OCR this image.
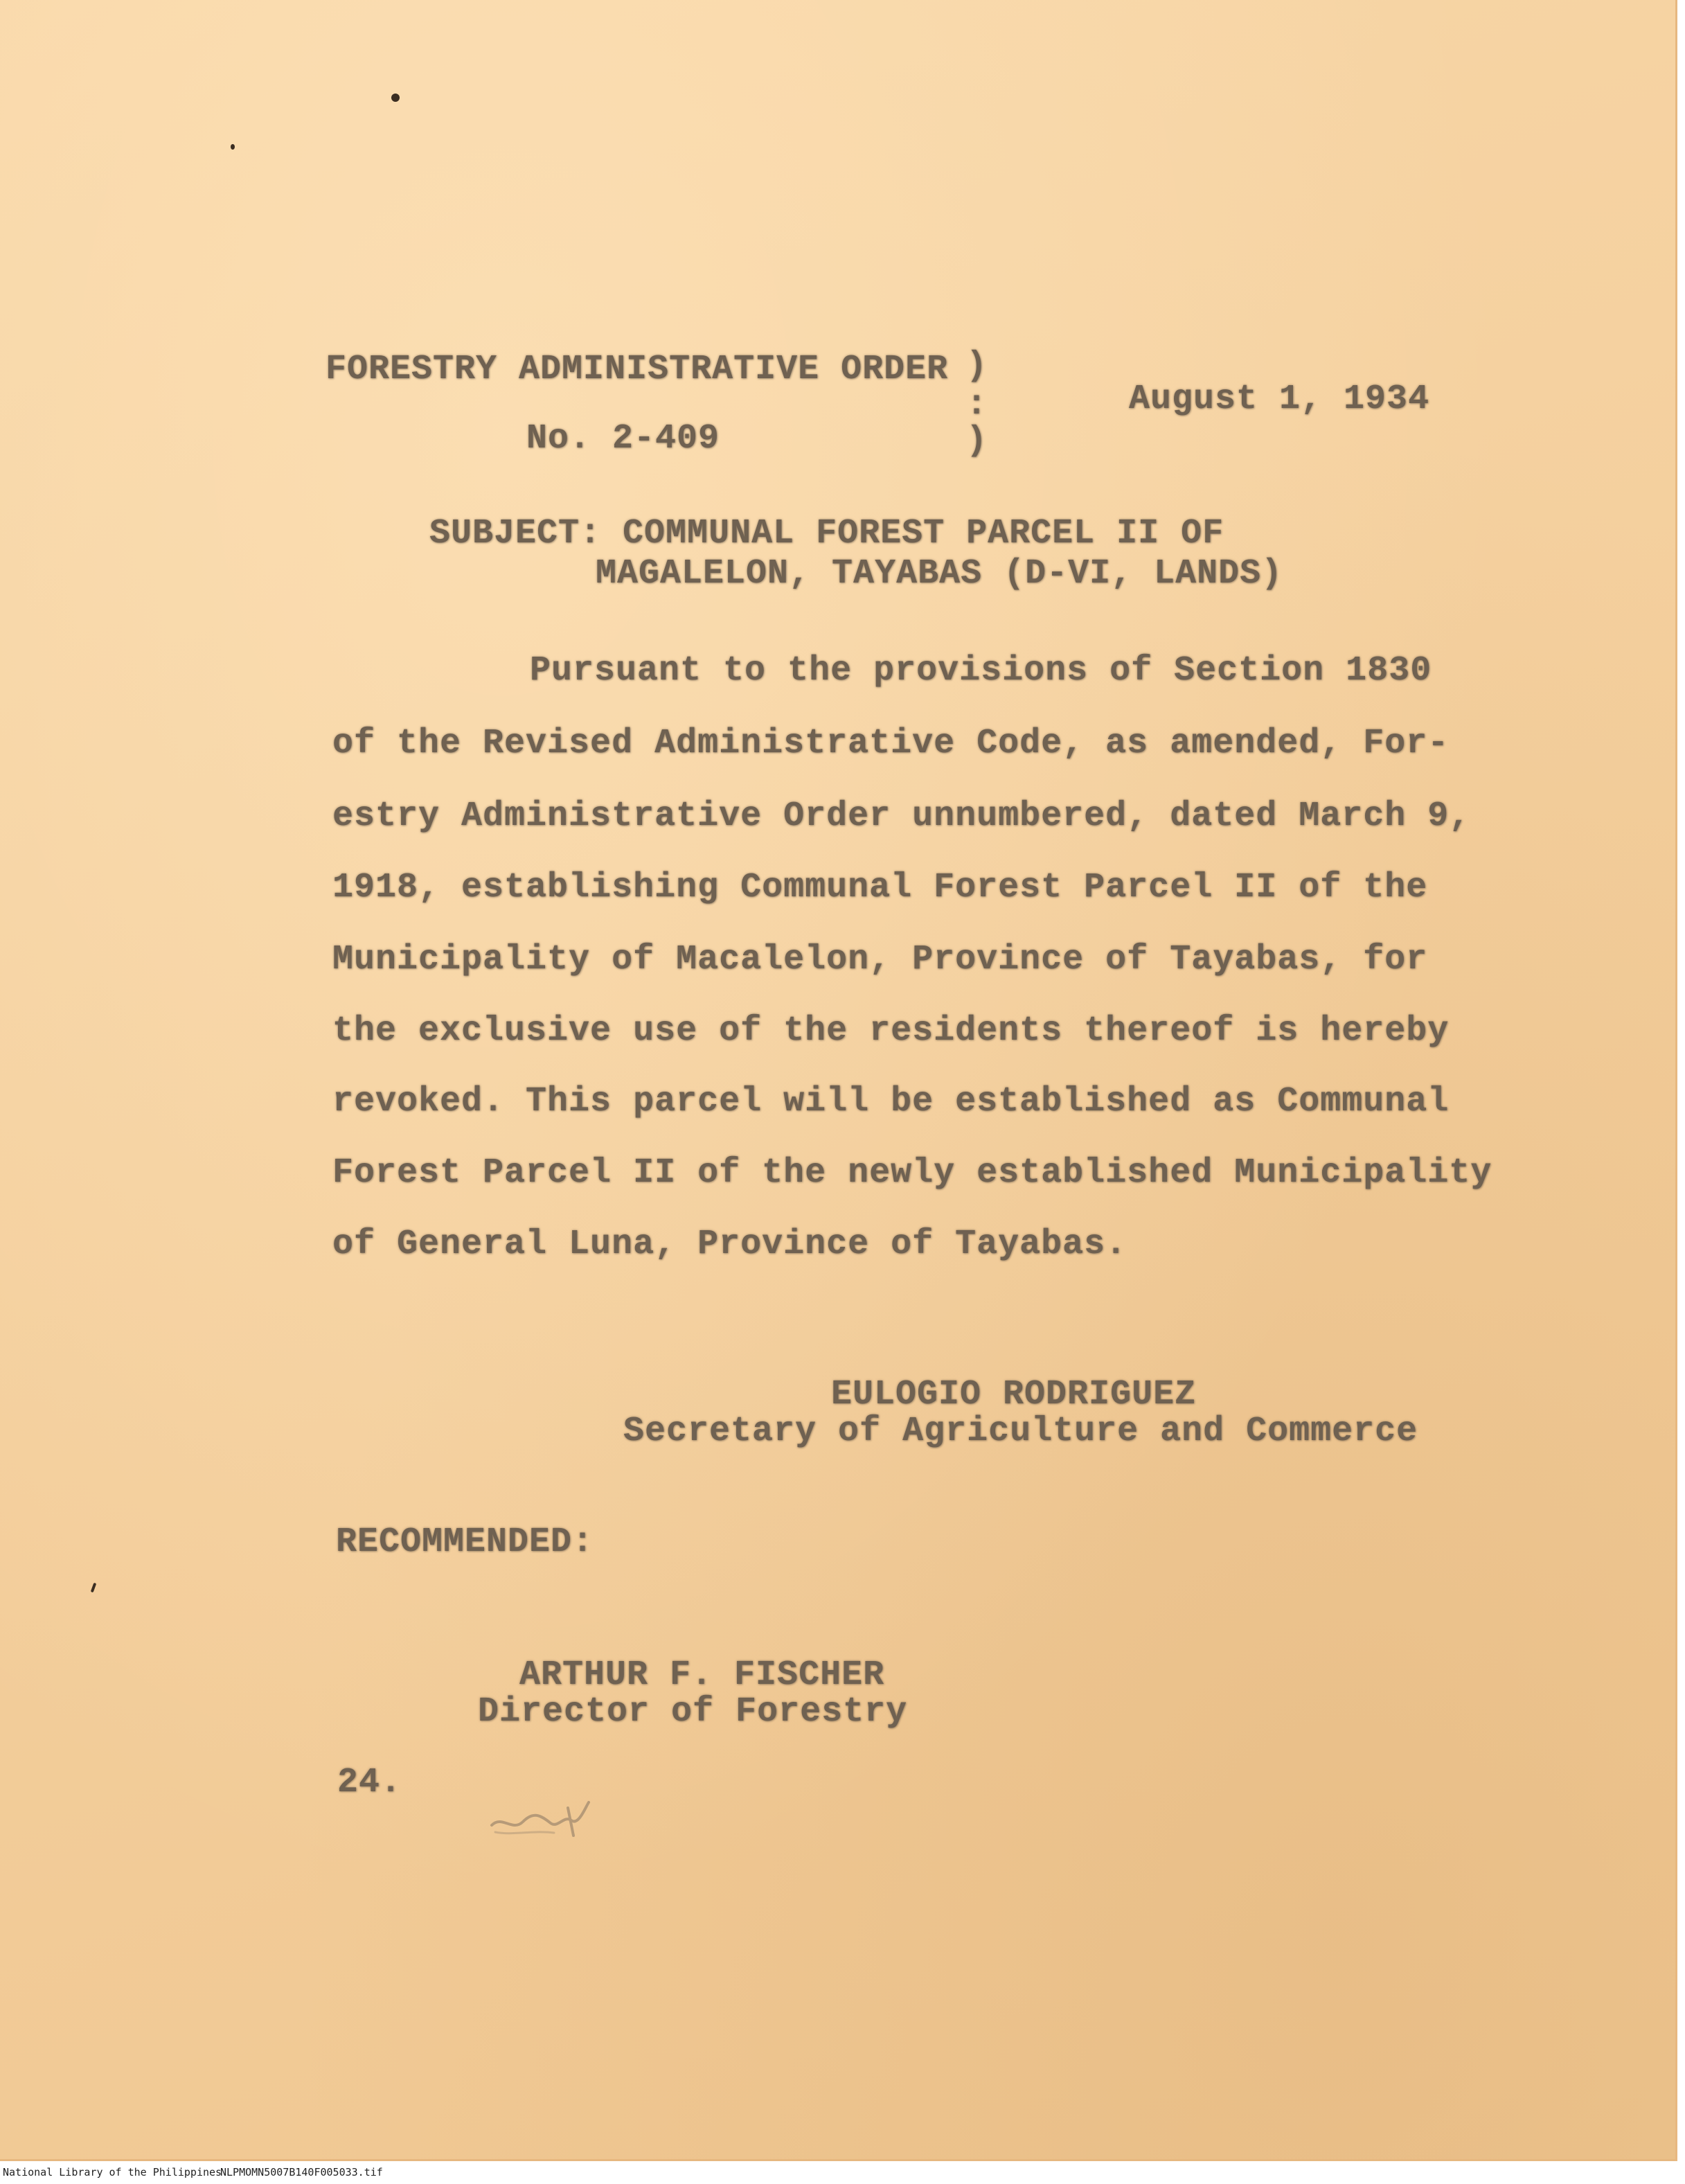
FORESTRY ADMINISTRATIVE ORDER
No. 2-409
)
:
)
August 1, 1934
SUBJECT: COMMUNAL FOREST PARCEL II OF
MAGALELON, TAYABAS (D-VI, LANDS)
Pursuant to the provisions of Section 1830
of the Revised Administrative Code, as amended, For-
estry Administrative Order unnumbered, dated March 9,
1918, establishing Communal Forest Parcel II of the
Municipality of Macalelon, Province of Tayabas, for
the exclusive use of the residents thereof is hereby
revoked. This parcel will be established as Communal
Forest Parcel II of the newly established Municipality
of General Luna, Province of Tayabas.
EULOGIO RODRIGUEZ
Secretary of Agriculture and Commerce
RECOMMENDED:
ARTHUR F. FISCHER
Director of Forestry
24.
National Library of the Philippines
NLPMOMN5007B140F005033.tif
